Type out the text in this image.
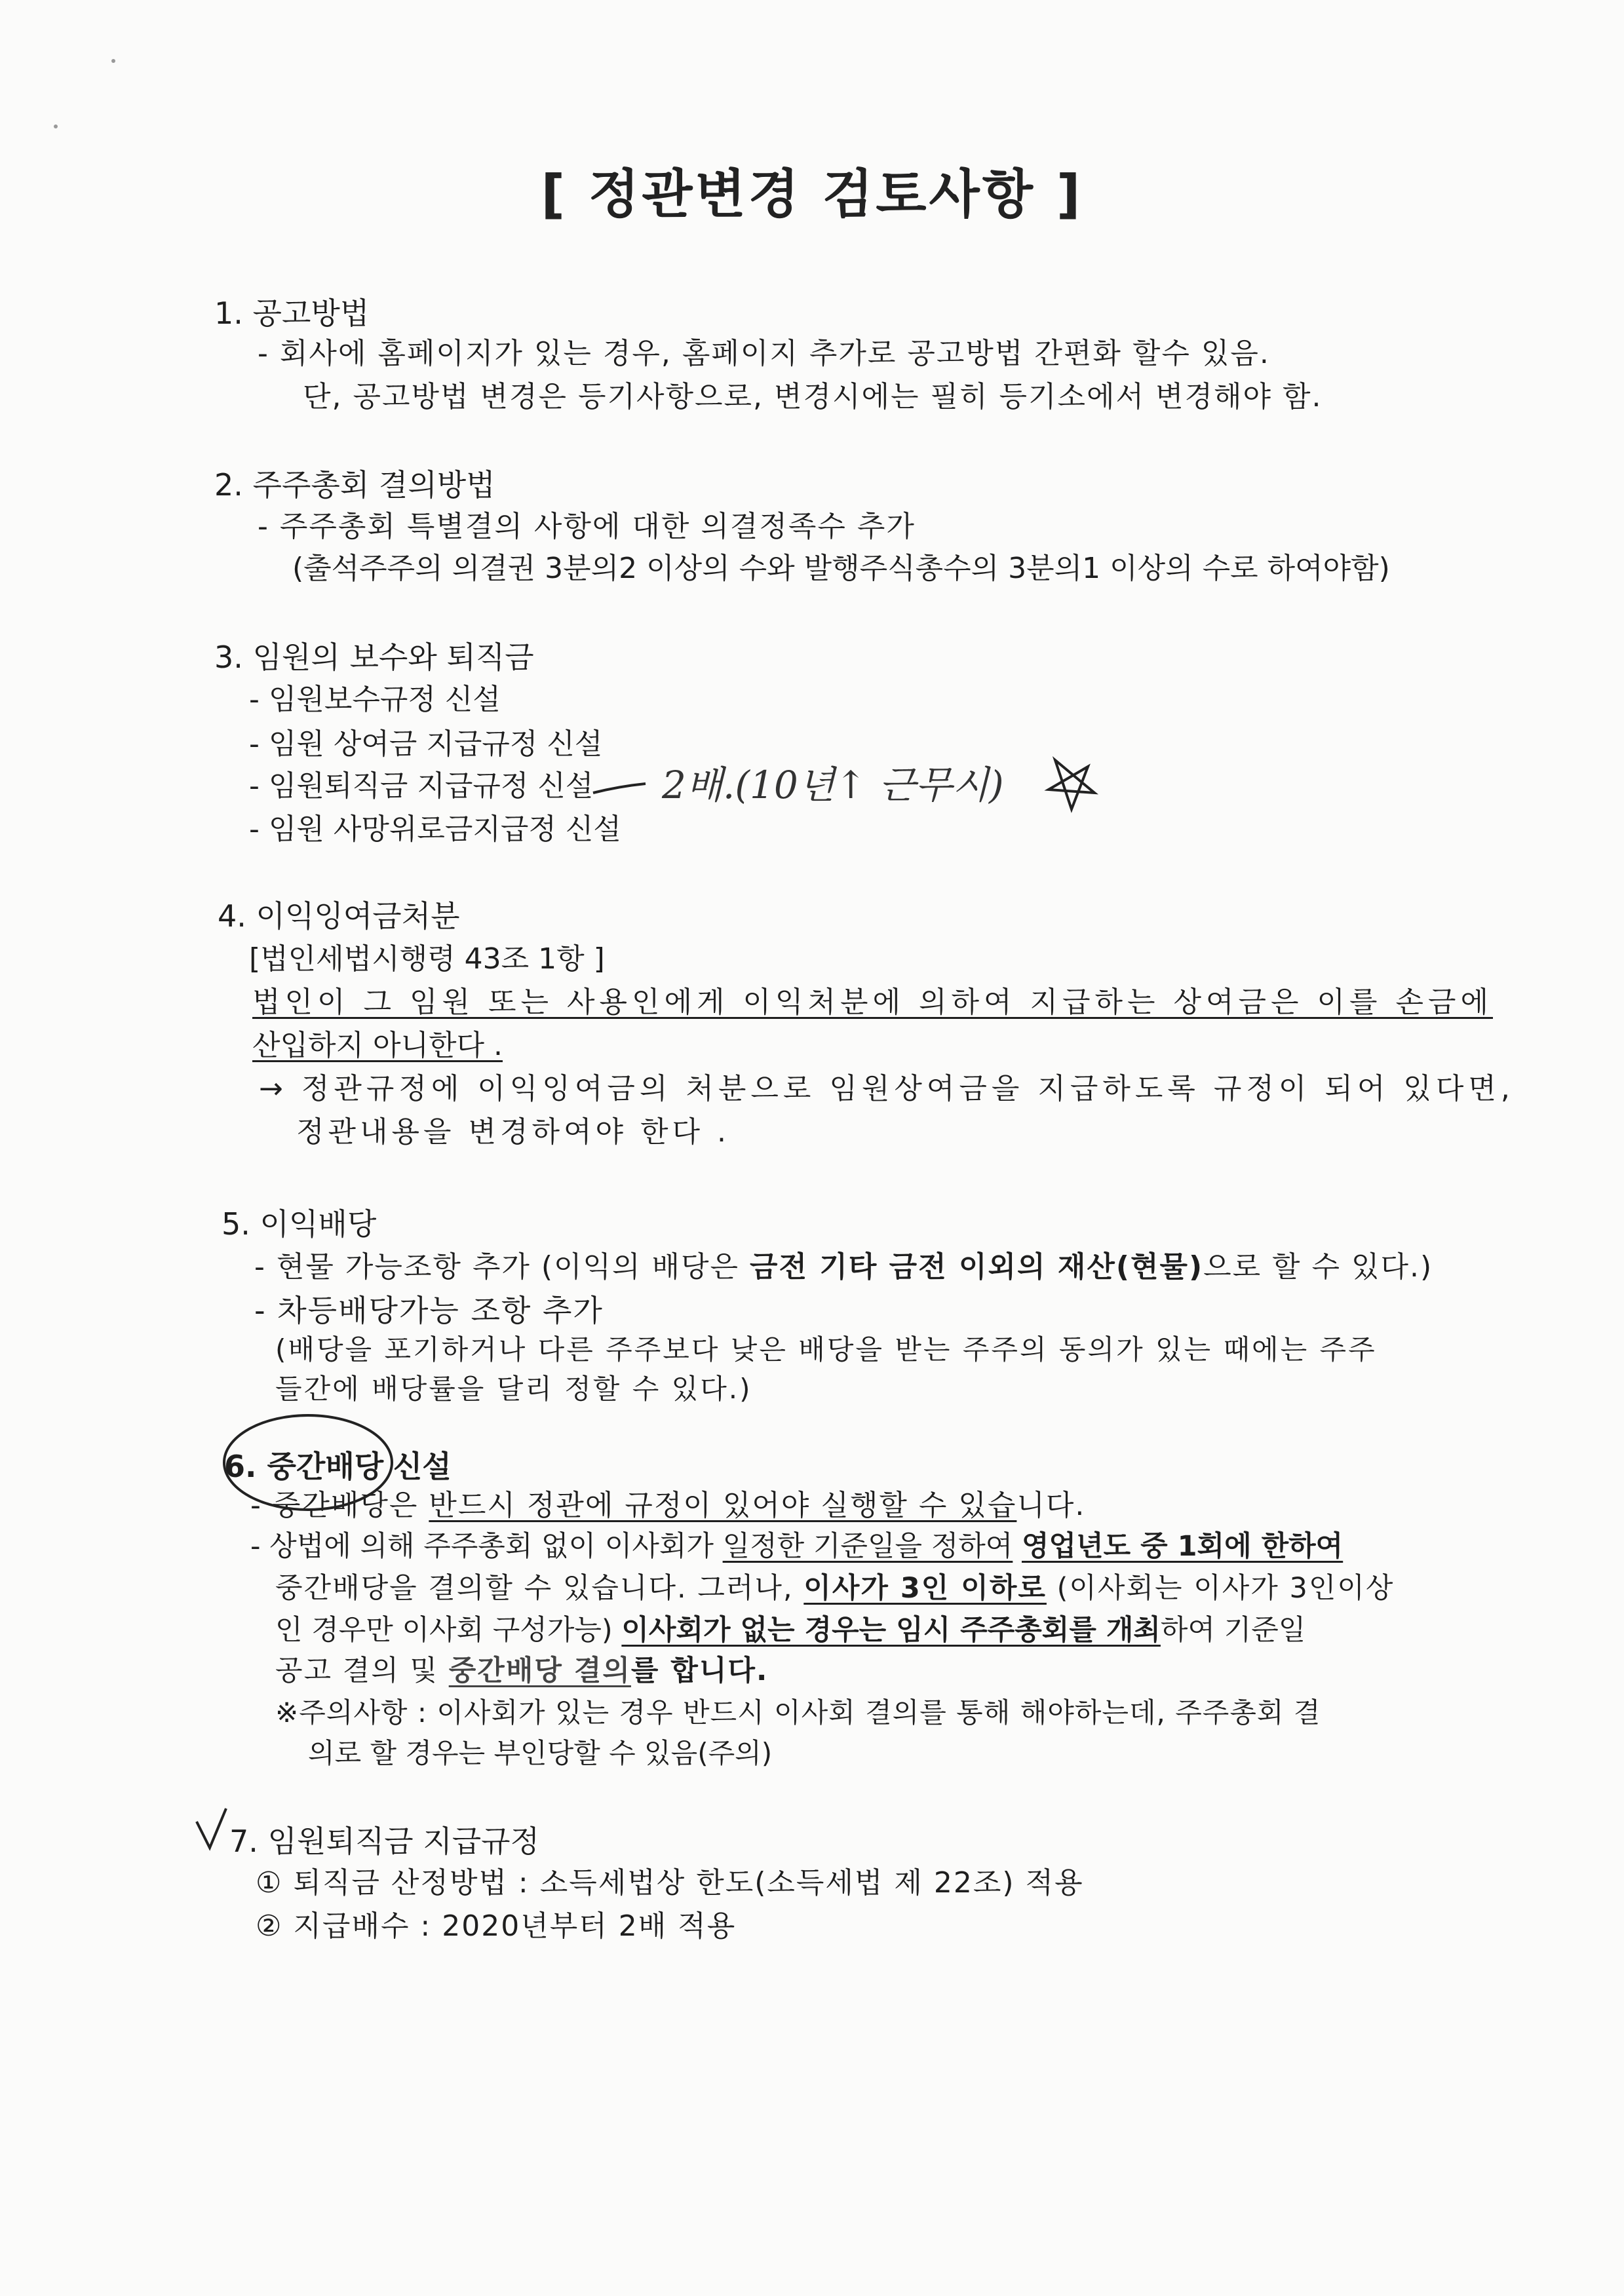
[ 정관변경 검토사항 ]
1. 공고방법
- 회사에 홈페이지가 있는 경우, 홈페이지 추가로 공고방법 간편화 할수 있음.
단, 공고방법 변경은 등기사항으로, 변경시에는 필히 등기소에서 변경해야 함.
2. 주주총회 결의방법
- 주주총회 특별결의 사항에 대한 의결정족수 추가
(출석주주의 의결권 3분의2 이상의 수와 발행주식총수의 3분의1 이상의 수로 하여야함)
3. 임원의 보수와 퇴직금
- 임원보수규정 신설
- 임원 상여금 지급규정 신설
- 임원퇴직금 지급규정 신설
- 임원 사망위로금지급정 신설
2배.(10년↑ 근무시)
4. 이익잉여금처분
[법인세법시행령 43조 1항 ]
법인이 그 임원 또는 사용인에게 이익처분에 의하여 지급하는 상여금은 이를 손금에
산입하지 아니한다 .
→ 정관규정에 이익잉여금의 처분으로 임원상여금을 지급하도록 규정이 되어 있다면,
정관내용을 변경하여야 한다 .
5. 이익배당
- 현물 가능조항 추가 (이익의 배당은 금전 기타 금전 이외의 재산(현물)으로 할 수 있다.)
- 차등배당가능 조항 추가
(배당을 포기하거나 다른 주주보다 낮은 배당을 받는 주주의 동의가 있는 때에는 주주
들간에 배당률을 달리 정할 수 있다.)
6. 중간배당 신설
- 중간배당은 반드시 정관에 규정이 있어야 실행할 수 있습니다.
- 상법에 의해 주주총회 없이 이사회가 일정한 기준일을 정하여 영업년도 중 1회에 한하여
중간배당을 결의할 수 있습니다. 그러나, 이사가 3인 이하로 (이사회는 이사가 3인이상
인 경우만 이사회 구성가능) 이사회가 없는 경우는 임시 주주총회를 개최하여 기준일
공고 결의 및 중간배당 결의를 합니다.
※주의사항 : 이사회가 있는 경우 반드시 이사회 결의를 통해 해야하는데, 주주총회 결
의로 할 경우는 부인당할 수 있음(주의)
7. 임원퇴직금 지급규정
① 퇴직금 산정방법 : 소득세법상 한도(소득세법 제 22조) 적용
② 지급배수 : 2020년부터 2배 적용
